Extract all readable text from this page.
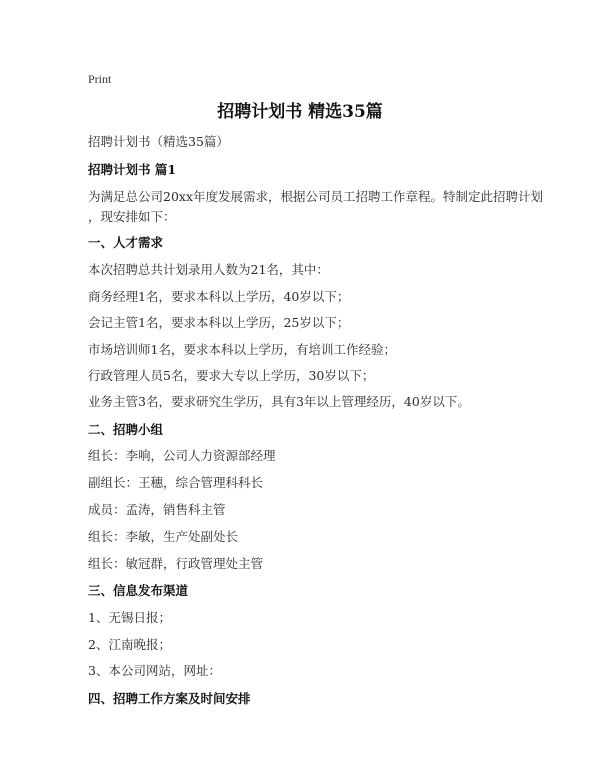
Print
招聘计划书 精选35篇
招聘计划书（精选35篇）
招聘计划书 篇1
为满足总公司20xx年度发展需求，根据公司员工招聘工作章程。特制定此招聘计划
，现安排如下：
一、人才需求
本次招聘总共计划录用人数为21名，其中：
商务经理1名，要求本科以上学历，40岁以下；
会记主管1名，要求本科以上学历，25岁以下；
市场培训师1名，要求本科以上学历，有培训工作经验；
行政管理人员5名，要求大专以上学历，30岁以下；
业务主管3名，要求研究生学历，具有3年以上管理经历，40岁以下。
二、招聘小组
组长：李响，公司人力资源部经理
副组长：王穗，综合管理科科长
成员：孟涛，销售科主管
组长：李敏，生产处副处长
组长：敏冠群，行政管理处主管
三、信息发布渠道
1、无锡日报；
2、江南晚报；
3、本公司网站，网址：
四、招聘工作方案及时间安排
